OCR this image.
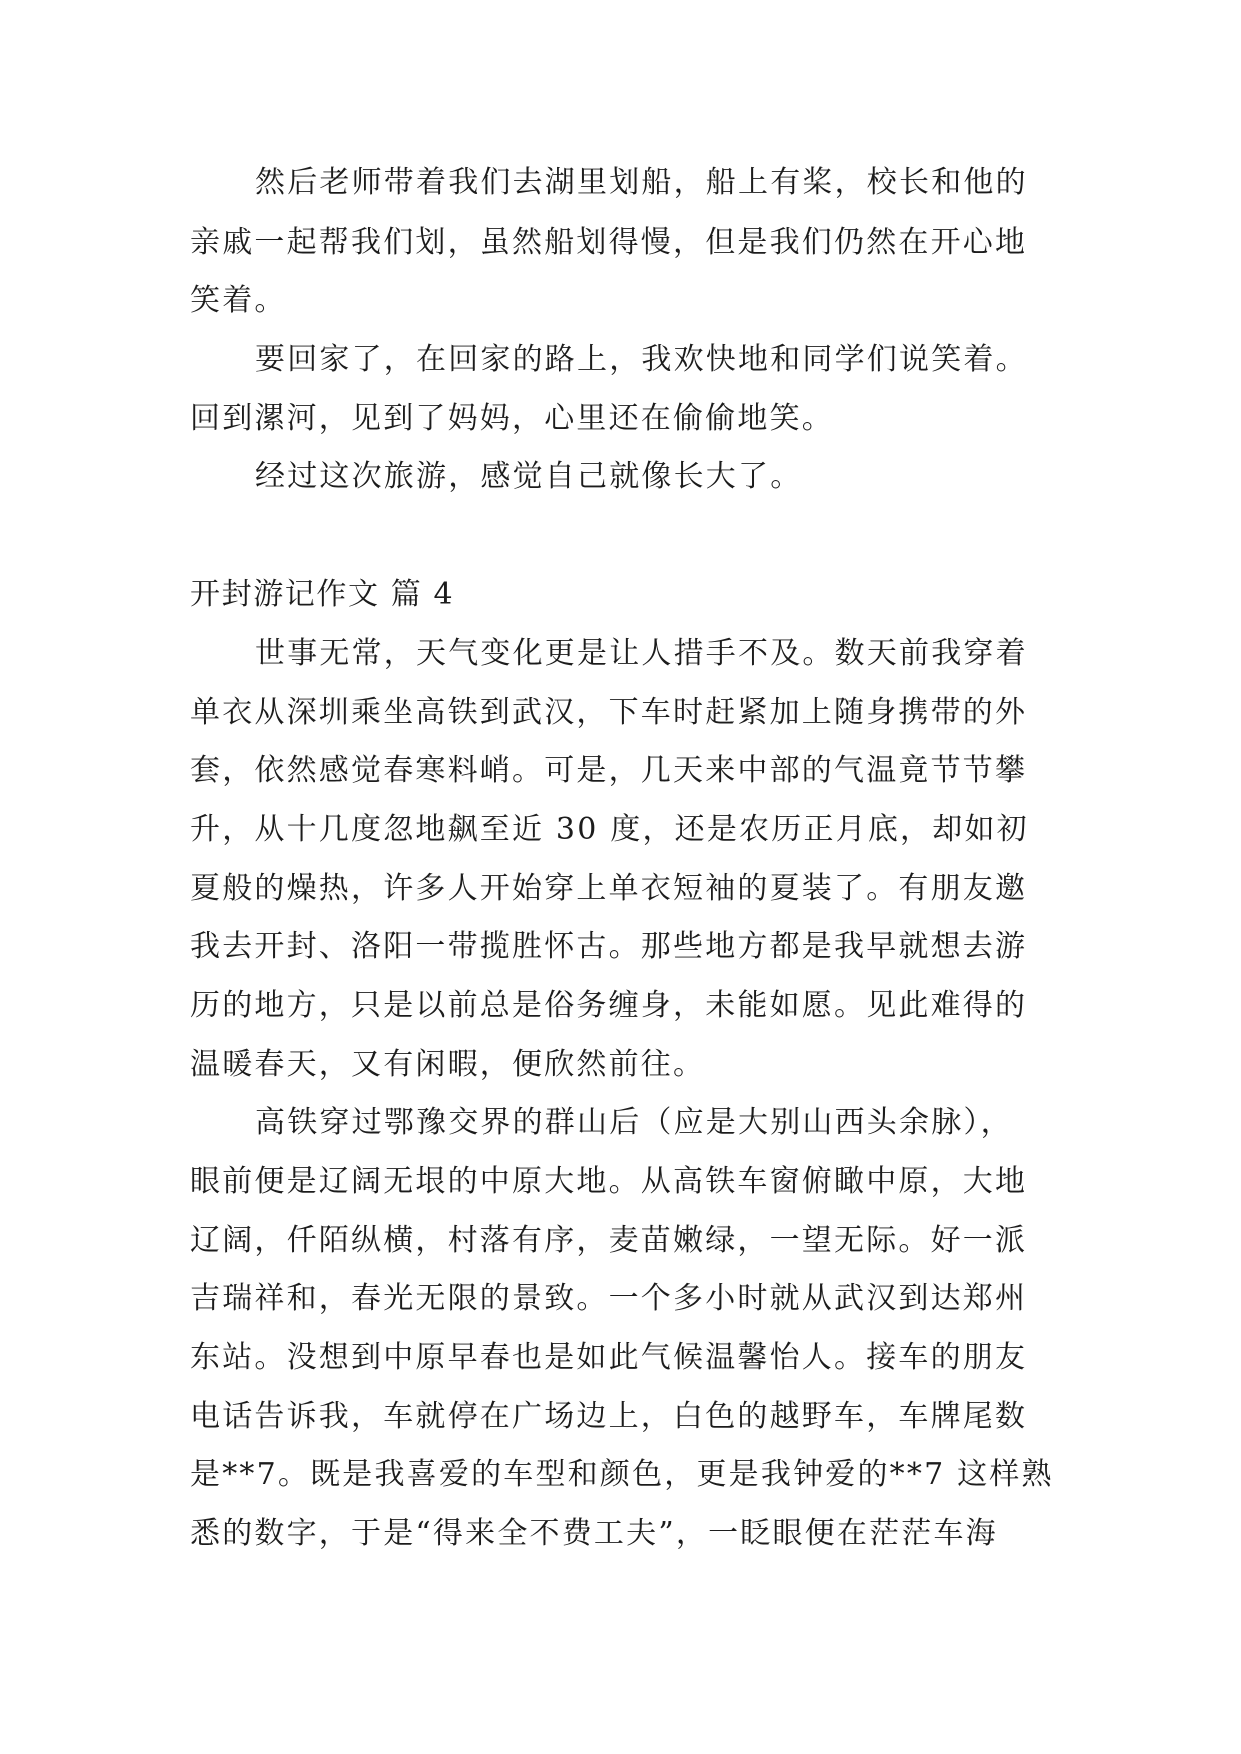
然后老师带着我们去湖里划船，船上有桨，校长和他的
亲戚一起帮我们划，虽然船划得慢，但是我们仍然在开心地
笑着。
要回家了，在回家的路上，我欢快地和同学们说笑着。
回到漯河，见到了妈妈，心里还在偷偷地笑。
经过这次旅游，感觉自己就像长大了。
开封游记作文 篇 4
世事无常，天气变化更是让人措手不及。数天前我穿着
单衣从深圳乘坐高铁到武汉，下车时赶紧加上随身携带的外
套，依然感觉春寒料峭。可是，几天来中部的气温竟节节攀
升，从十几度忽地飙至近 30 度，还是农历正月底，却如初
夏般的燥热，许多人开始穿上单衣短袖的夏装了。有朋友邀
我去开封、洛阳一带揽胜怀古。那些地方都是我早就想去游
历的地方，只是以前总是俗务缠身，未能如愿。见此难得的
温暖春天，又有闲暇，便欣然前往。
高铁穿过鄂豫交界的群山后（应是大别山西头余脉），
眼前便是辽阔无垠的中原大地。从高铁车窗俯瞰中原，大地
辽阔，仟陌纵横，村落有序，麦苗嫩绿，一望无际。好一派
吉瑞祥和，春光无限的景致。一个多小时就从武汉到达郑州
东站。没想到中原早春也是如此气候温馨怡人。接车的朋友
电话告诉我，车就停在广场边上，白色的越野车，车牌尾数
是**7。既是我喜爱的车型和颜色，更是我钟爱的**7 这样熟
悉的数字，于是“得来全不费工夫”，一眨眼便在茫茫车海
